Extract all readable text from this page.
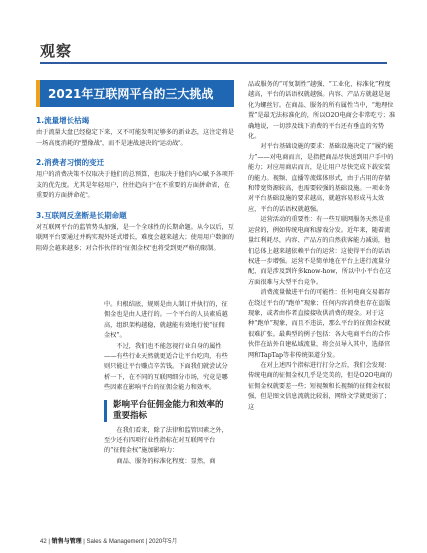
观察
2021年互联网平台的三大挑战
1.流量增长枯竭
由于流量大盘已经稳定下来，又不可能发明足够多的新业态，这注定将是一场高度消耗的“塑像战”，而不是速战速决的“运动战”。
2.消费者习惯的变迁
用户的消费决策不仅取决于他们的总预算，也取决于他们内心赋予各项开支的优先度。尤其是年轻用户，往往趋向于“在不重要的方面拼命省，在重要的方面拼命花”。
3.互联网反垄断是长期命题
对互联网平台的监管势头加强，是一个全球性的长期命题。从今以后，互联网平台要通过并购实现外延式增长，难度会越来越大；使用用户数据的阻碍会越来越多；对合作伙伴的“征佣金权”也将受到更严格的限制。

中。归根结底，规则是由人制订并执行的，征佣金也是由人进行的。一个平台的人员素质越高，组织架构越稳，就越能有效地行使“征佣金权”。

不过，我们也不能忽视行业自身的属性——有些行业天然就更适合让平台吃肉，有些则只能让平台赚点辛苦钱。下面我们就尝试分析一下，在不同的互联网细分市场，究竟是哪些因素在影响平台的征佣金能力和效率。

影响平台征佣金能力和效率的重要指标

在我们看来，除了法律和监管因素之外，至少还有四项行业性指标在对互联网平台的“征佣金权”施加影响力：

商品、服务的标准化程度：显然，商

品或服务的“可复制性”越强、“工业化、标准化”程度越高，平台的话语权就越强。内容、产品方就越是退化为螺丝钉。在商品、服务的所有属性当中，“地理位置”是最无法标准化的，所以O2O电商会非常吃亏；准确地说，一切涉及线下消费的平台还有垂直的劣势化。

对平台基础设施的要求：基础设施决定了“履约能力”——对电商而言，是指把商品尽快送到用户手中的能力；对应用商店而言，是让用户尽快完成下载安装的能力。视频、直播等流媒体形式，由于占用的存储和带宽资源较高，也需要较强的基础设施。一项业务对平台基础设施的要求越高，就越容易形成马太效应，平台的话语权就越强。

运营活动的重要性：有一些互联网服务天然是重运营的，例如传统电商和游戏分发。近年来，随着流量红利耗尽，内容、产品方的自然获客能力减弱，他们总体上越来越依赖平台的运营：这使得平台的话语权进一步增强。运营不是简单地在平台上进行流量分配，而是涉及到许多know-how，所以中小平台在这方面很难与大型平台竞争。

消费流量做进平台的可能性：任何电商交易都存在绕过平台的“跑单”现象；任何内容消费也存在盗版现象，或者由作者直接接收供消费的现金。对于这种“跑单”现象，而且不违法，那么平台的征佣金权就很难扩张。最典型的例子包括：各大电商平台的合作伙伴在站外自建私域流量，将会员导入其中，选择官网和TapTap等非传统渠道分发。

在对上述四个指标进行打分之后，我们会发现：传统电商的征佣金权几乎是完美的，但是O2O电商的征佣金权就要差一些；短视频和长视频的征佣金权很强，但是图文信息流就比较弱，网络文学就更弱了；这

42 | 销售与管理 | Sales & Management | 2020年5月
